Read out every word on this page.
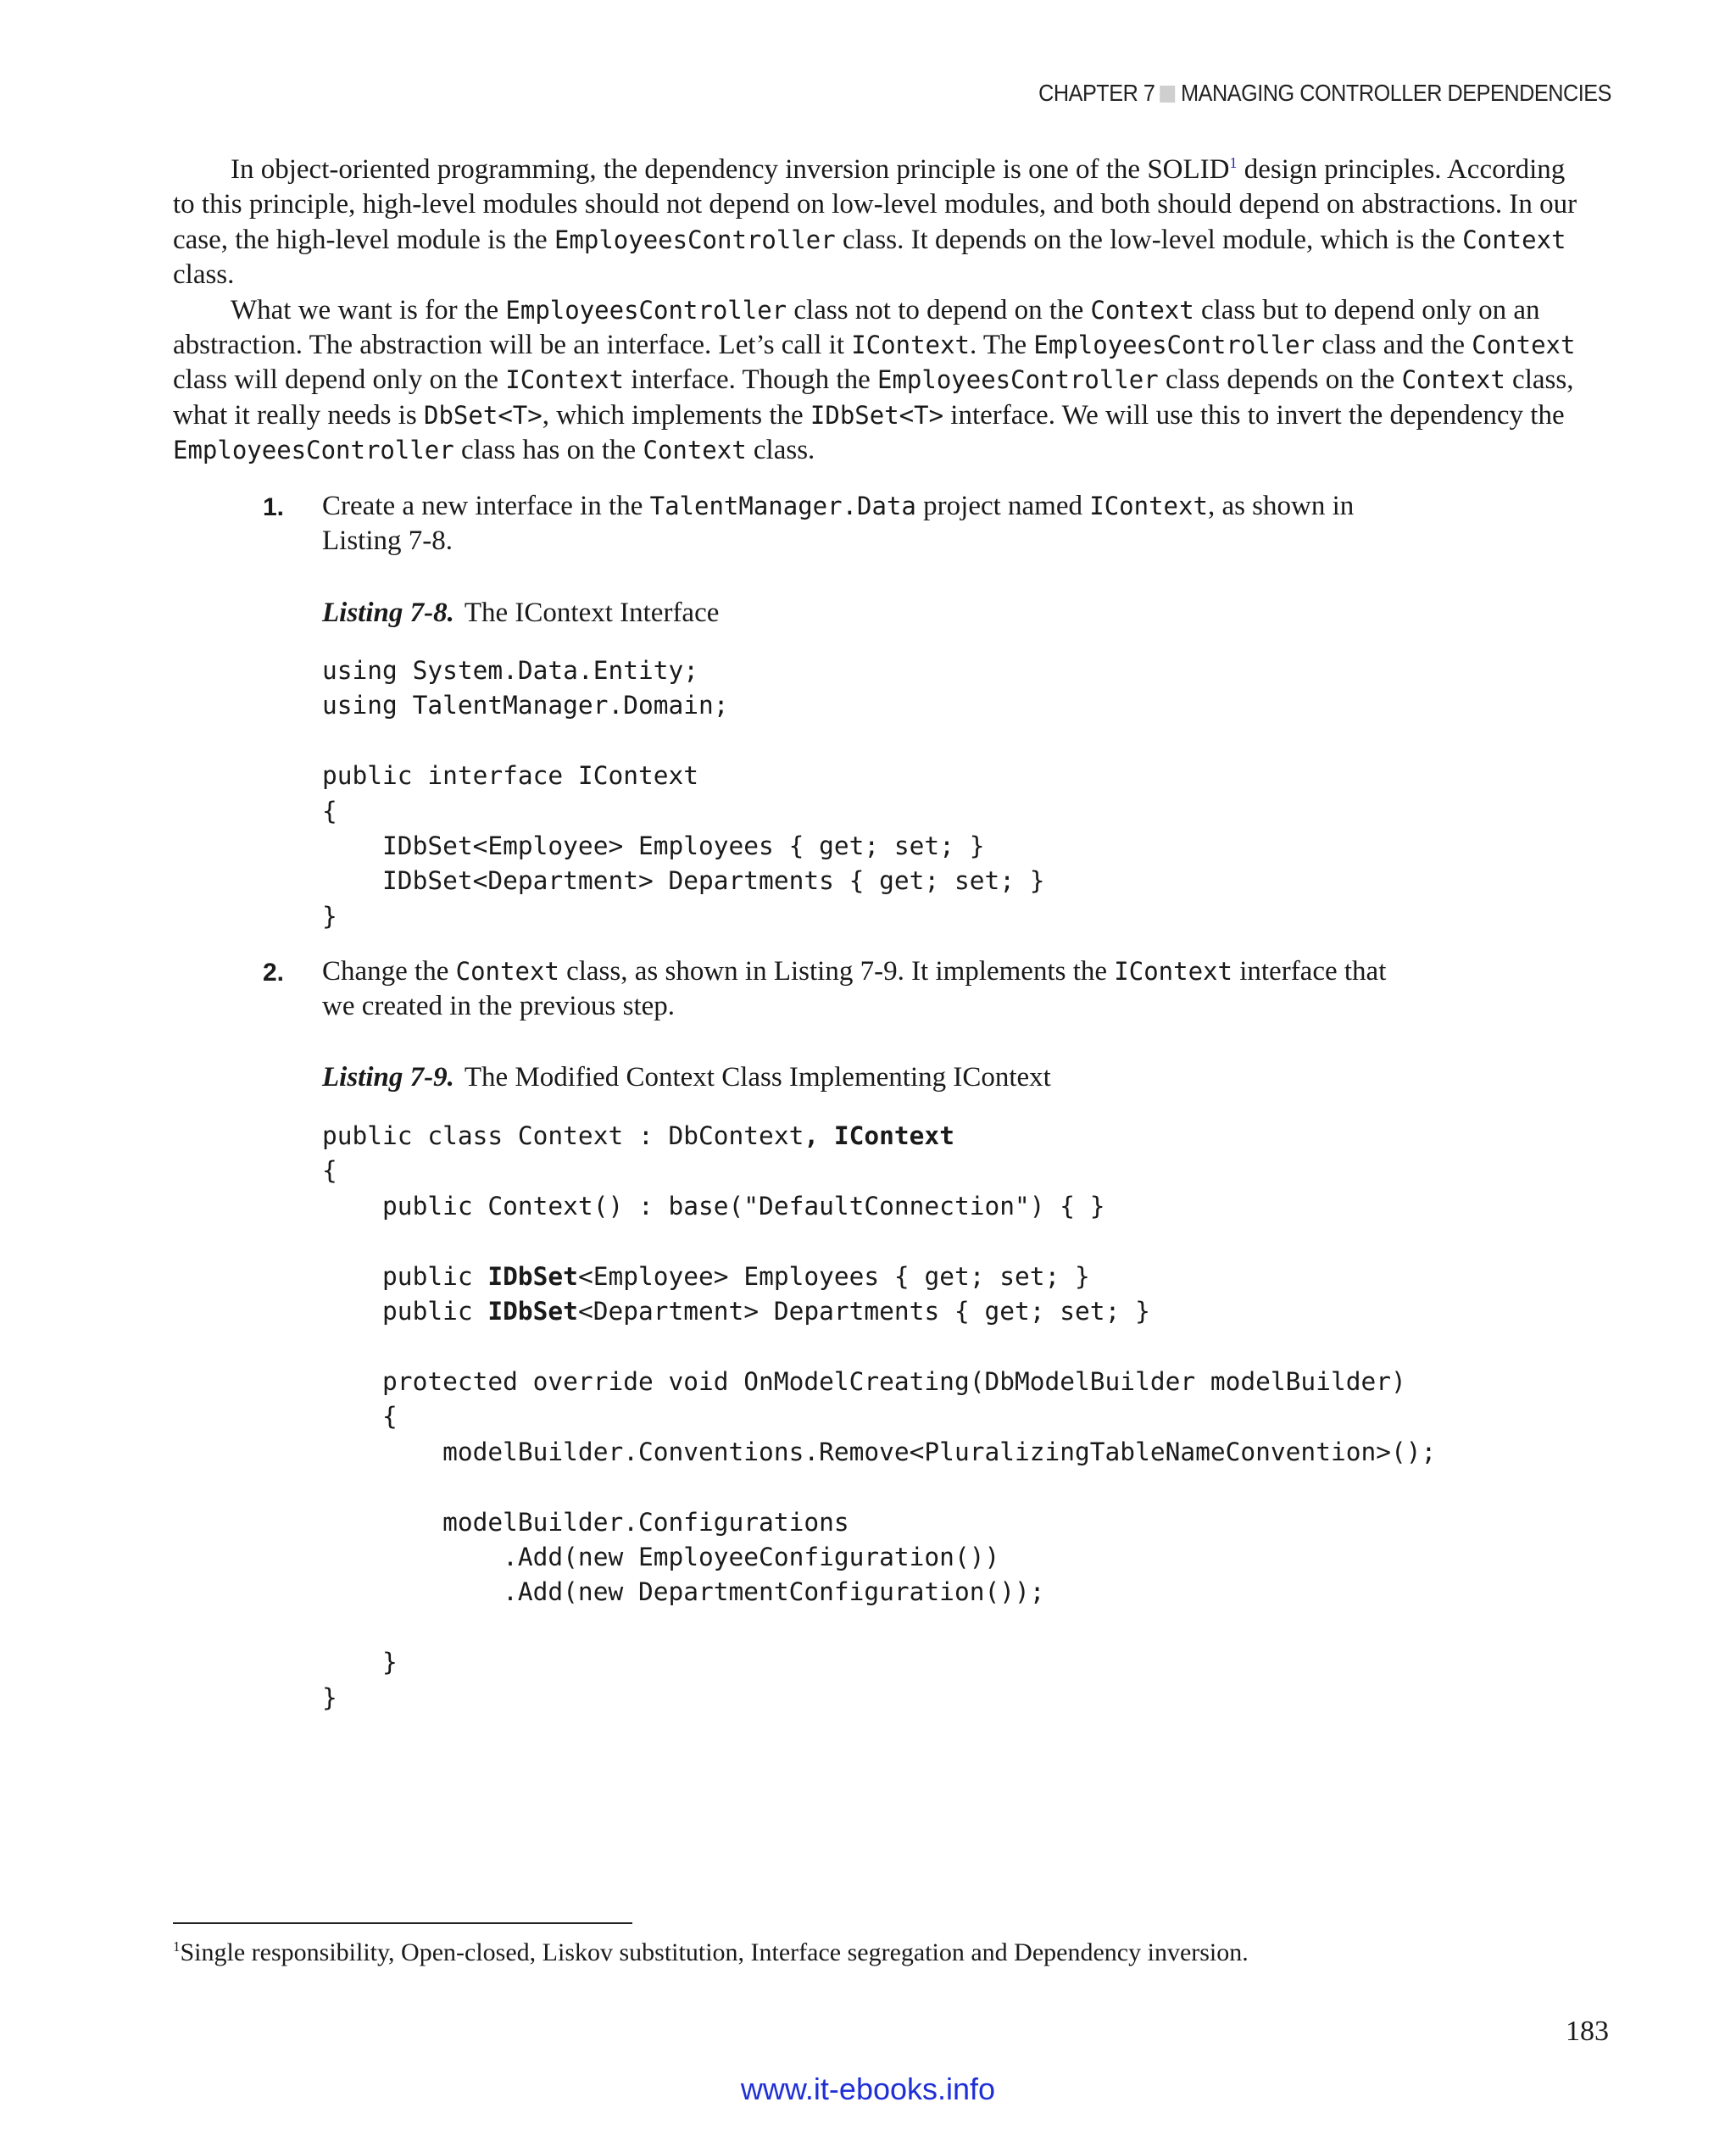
CHAPTER 7 MANAGING CONTROLLER DEPENDENCIES

In object-oriented programming, the dependency inversion principle is one of the SOLID$^1$ design principles. According to this principle, high-level modules should not depend on low-level modules, and both should depend on abstractions. In our case, the high-level module is the EmployeesController class. It depends on the low-level module, which is the Context class.

What we want is for the EmployeesController class not to depend on the Context class but to depend only on an abstraction. The abstraction will be an interface. Let’s call it IContext. The EmployeesController class and the Context class will depend only on the IContext interface. Though the EmployeesController class depends on the Context class, what it really needs is DbSet<T>, which implements the IDbSet<T> interface. We will use this to invert the dependency the EmployeesController class has on the Context class.

1. Create a new interface in the TalentManager.Data project named IContext, as shown in Listing 7-8.
Listing 7-8. The IContext Interface
using System.Data.Entity;
using TalentManager.Domain;

public interface IContext
{
IDbSet<Employee> Employees { get; set; }
IDbSet<Department> Departments { get; set; }
}
2. Change the Context class, as shown in Listing 7-9. It implements the IContext interface that we created in the previous step.
Listing 7-9. The Modified Context Class Implementing IContext
public class Context : DbContext, IContext
{
public Context() : base("DefaultConnection") { }

public IDbSet<Employee> Employees { get; set; }
public IDbSet<Department> Departments { get; set; }
protected override void OnModelCreating(DbModelBuilder modelBuilder)
{
modelBuilder.Conventions.Remove<PluralizingTableNameConvention>();

modelBuilder.Configurations
.Add(new EmployeeConfiguration())
.Add(new DepartmentConfiguration());

}
}
$^1$Single responsibility, Open-closed, Liskov substitution, Interface segregation and Dependency inversion.
183
www.it-ebooks.info
